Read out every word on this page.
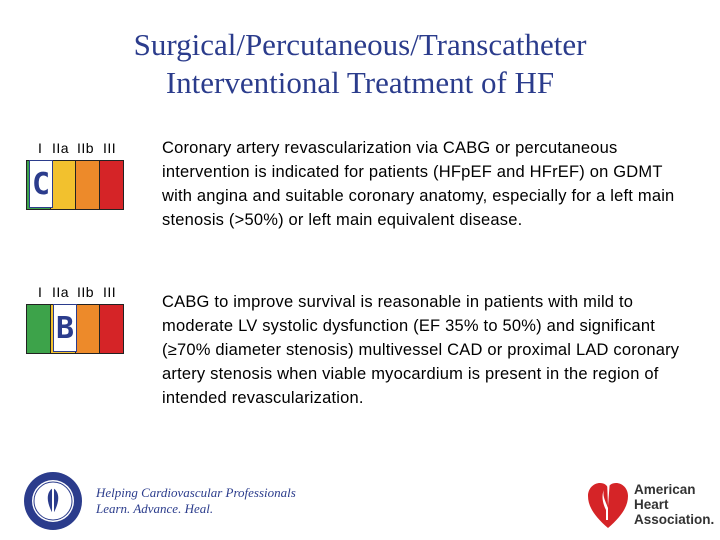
Surgical/Percutaneous/Transcatheter
Interventional Treatment of HF
I IIa IIb III
C
Coronary artery revascularization via CABG or percutaneous intervention is indicated for patients (HFpEF and HFrEF) on GDMT with angina and suitable coronary anatomy, especially for a left main stenosis (>50%) or left main equivalent disease.
I IIa IIb III
B
CABG to improve survival is reasonable in patients with mild to moderate LV systolic dysfunction (EF 35% to 50%) and significant (≥70% diameter stenosis) multivessel CAD or proximal LAD coronary artery stenosis when viable myocardium is present in the region of intended revascularization.
Helping Cardiovascular Professionals
Learn. Advance. Heal.
American
Heart
Association.
